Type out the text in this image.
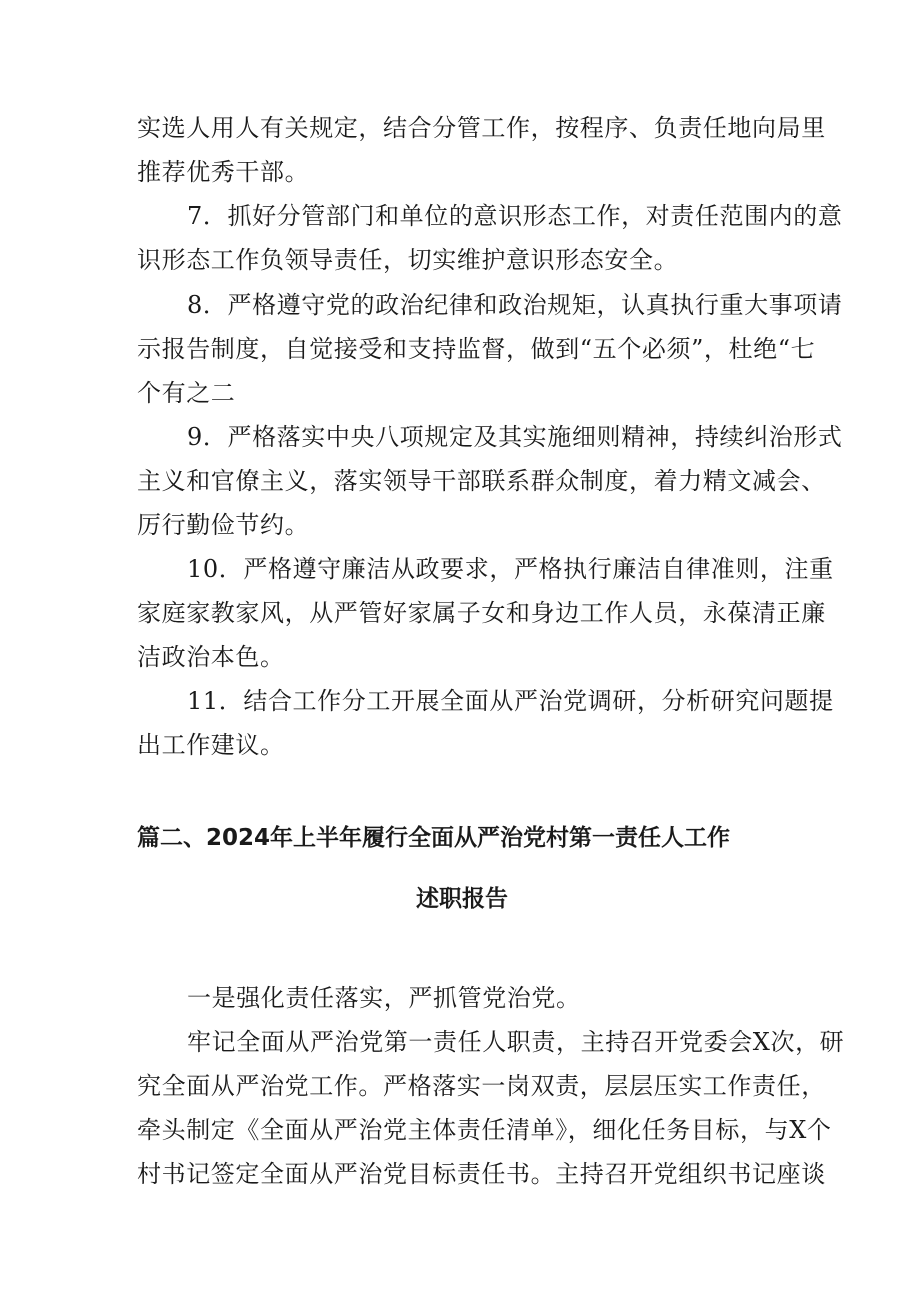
实选人用人有关规定，结合分管工作，按程序、负责任地向局里
推荐优秀干部。
7．抓好分管部门和单位的意识形态工作，对责任范围内的意
识形态工作负领导责任，切实维护意识形态安全。
8．严格遵守党的政治纪律和政治规矩，认真执行重大事项请
示报告制度，自觉接受和支持监督，做到“五个必须”，杜绝“七
个有之二
9．严格落实中央八项规定及其实施细则精神，持续纠治形式
主义和官僚主义，落实领导干部联系群众制度，着力精文减会、
厉行勤俭节约。
10．严格遵守廉洁从政要求，严格执行廉洁自律准则，注重
家庭家教家风，从严管好家属子女和身边工作人员，永葆清正廉
洁政治本色。
11．结合工作分工开展全面从严治党调研，分析研究问题提
出工作建议。
篇二、2024年上半年履行全面从严治党村第一责任人工作
述职报告
一是强化责任落实，严抓管党治党。
牢记全面从严治党第一责任人职责，主持召开党委会X次，研
究全面从严治党工作。严格落实一岗双责，层层压实工作责任，
牵头制定《全面从严治党主体责任清单》，细化任务目标，与X个
村书记签定全面从严治党目标责任书。主持召开党组织书记座谈
